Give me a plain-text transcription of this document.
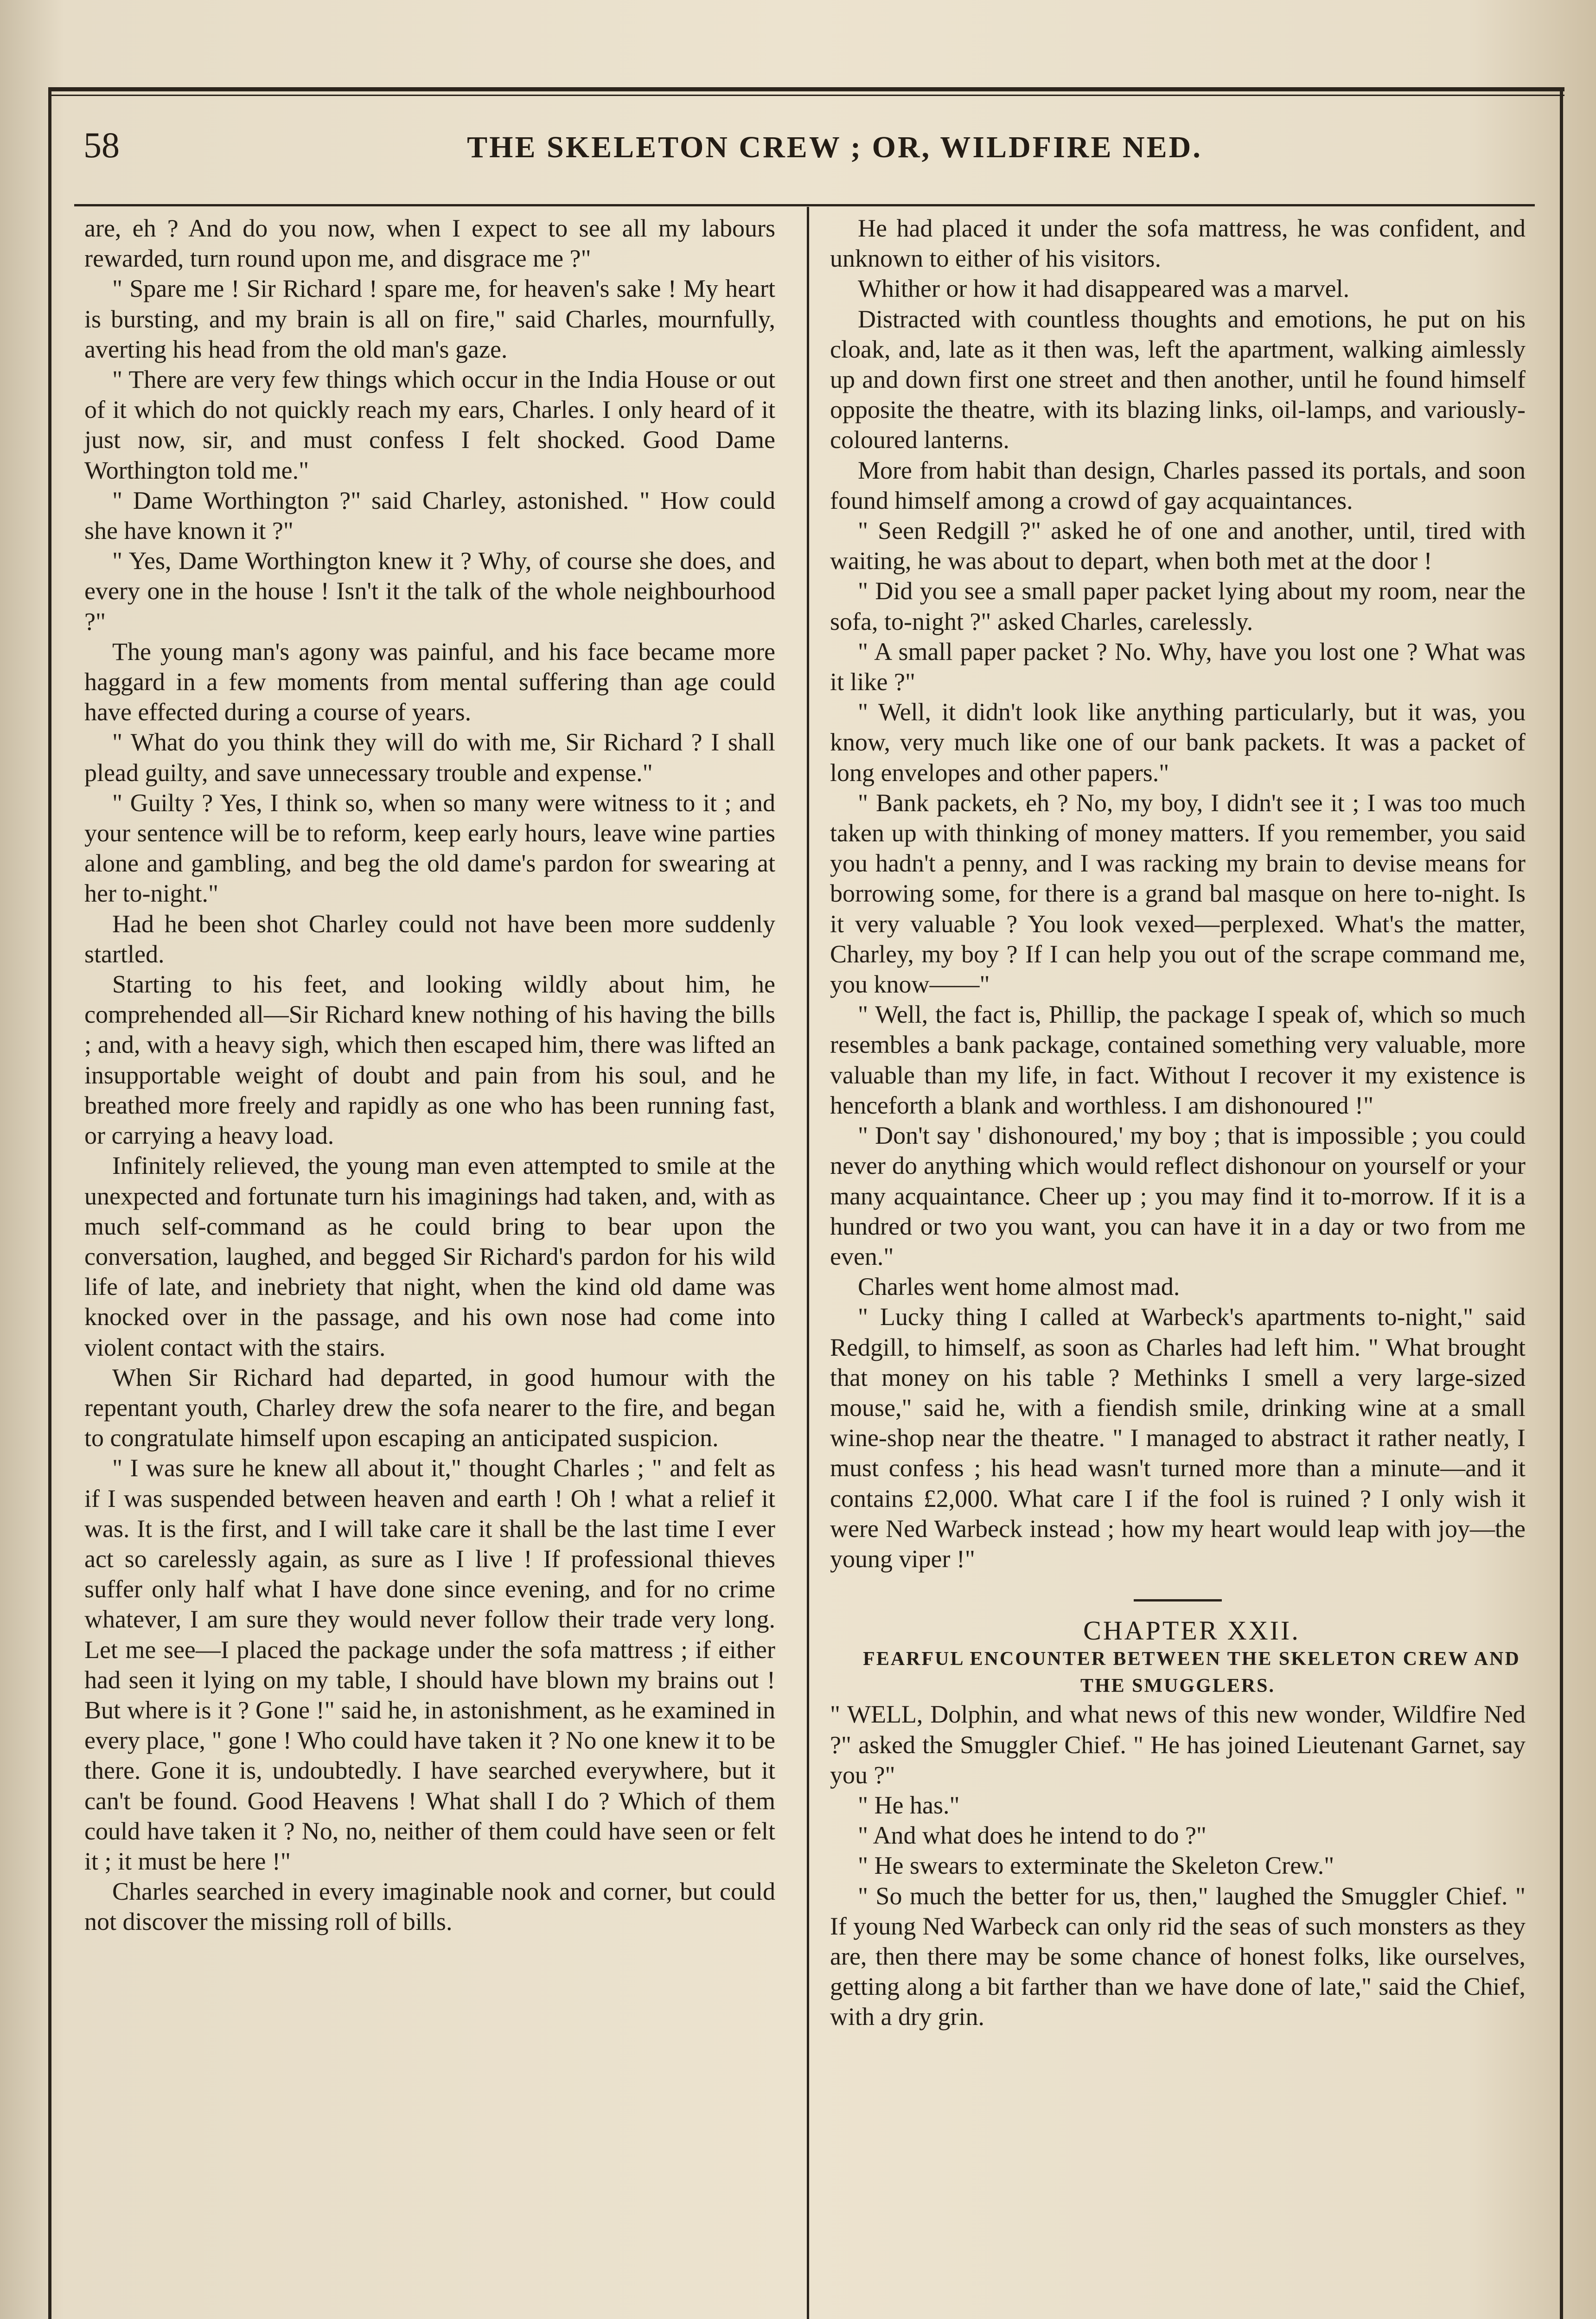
58	THE SKELETON CREW ; OR, WILDFIRE NED.

are, eh ? And do you now, when I expect to see all my labours rewarded, turn round upon me, and disgrace me ?"

" Spare me ! Sir Richard ! spare me, for heaven's sake ! My heart is bursting, and my brain is all on fire," said Charles, mournfully, averting his head from the old man's gaze.

" There are very few things which occur in the India House or out of it which do not quickly reach my ears, Charles. I only heard of it just now, sir, and must confess I felt shocked. Good Dame Worthington told me."

" Dame Worthington ?" said Charley, astonished. " How could she have known it ?"

" Yes, Dame Worthington knew it ? Why, of course she does, and every one in the house ! Isn't it the talk of the whole neighbourhood ?"

The young man's agony was painful, and his face became more haggard in a few moments from mental suffering than age could have effected during a course of years.

" What do you think they will do with me, Sir Richard ? I shall plead guilty, and save unnecessary trouble and expense."

" Guilty ? Yes, I think so, when so many were witness to it ; and your sentence will be to reform, keep early hours, leave wine parties alone and gambling, and beg the old dame's pardon for swearing at her to-night."

Had he been shot Charley could not have been more suddenly startled.

Starting to his feet, and looking wildly about him, he comprehended all—Sir Richard knew nothing of his having the bills ; and, with a heavy sigh, which then escaped him, there was lifted an insupportable weight of doubt and pain from his soul, and he breathed more freely and rapidly as one who has been running fast, or carrying a heavy load.

Infinitely relieved, the young man even attempted to smile at the unexpected and fortunate turn his imaginings had taken, and, with as much self-command as he could bring to bear upon the conversation, laughed, and begged Sir Richard's pardon for his wild life of late, and inebriety that night, when the kind old dame was knocked over in the passage, and his own nose had come into violent contact with the stairs.

When Sir Richard had departed, in good humour with the repentant youth, Charley drew the sofa nearer to the fire, and began to congratulate himself upon escaping an anticipated suspicion.

" I was sure he knew all about it," thought Charles ; " and felt as if I was suspended between heaven and earth ! Oh ! what a relief it was. It is the first, and I will take care it shall be the last time I ever act so carelessly again, as sure as I live ! If professional thieves suffer only half what I have done since evening, and for no crime whatever, I am sure they would never follow their trade very long. Let me see—I placed the package under the sofa mattress ; if either had seen it lying on my table, I should have blown my brains out ! But where is it ? Gone !" said he, in astonishment, as he examined in every place, " gone ! Who could have taken it ? No one knew it to be there. Gone it is, undoubtedly. I have searched everywhere, but it can't be found. Good Heavens ! What shall I do ? Which of them could have taken it ? No, no, neither of them could have seen or felt it ; it must be here !"

Charles searched in every imaginable nook and corner, but could not discover the missing roll of bills.

He had placed it under the sofa mattress, he was confident, and unknown to either of his visitors.

Whither or how it had disappeared was a marvel.

Distracted with countless thoughts and emotions, he put on his cloak, and, late as it then was, left the apartment, walking aimlessly up and down first one street and then another, until he found himself opposite the theatre, with its blazing links, oil-lamps, and variously-coloured lanterns.

More from habit than design, Charles passed its portals, and soon found himself among a crowd of gay acquaintances.

" Seen Redgill ?" asked he of one and another, until, tired with waiting, he was about to depart, when both met at the door !

" Did you see a small paper packet lying about my room, near the sofa, to-night ?" asked Charles, carelessly.

" A small paper packet ? No. Why, have you lost one ? What was it like ?"

" Well, it didn't look like anything particularly, but it was, you know, very much like one of our bank packets. It was a packet of long envelopes and other papers."

" Bank packets, eh ? No, my boy, I didn't see it ; I was too much taken up with thinking of money matters. If you remember, you said you hadn't a penny, and I was racking my brain to devise means for borrowing some, for there is a grand bal masque on here to-night. Is it very valuable ? You look vexed—perplexed. What's the matter, Charley, my boy ? If I can help you out of the scrape command me, you know——"

" Well, the fact is, Phillip, the package I speak of, which so much resembles a bank package, contained something very valuable, more valuable than my life, in fact. Without I recover it my existence is henceforth a blank and worthless. I am dishonoured !"

" Don't say ' dishonoured,' my boy ; that is impossible ; you could never do anything which would reflect dishonour on yourself or your many acquaintance. Cheer up ; you may find it to-morrow. If it is a hundred or two you want, you can have it in a day or two from me even."

Charles went home almost mad.

" Lucky thing I called at Warbeck's apartments to-night," said Redgill, to himself, as soon as Charles had left him. " What brought that money on his table ? Methinks I smell a very large-sized mouse," said he, with a fiendish smile, drinking wine at a small wine-shop near the theatre. " I managed to abstract it rather neatly, I must confess ; his head wasn't turned more than a minute—and it contains £2,000. What care I if the fool is ruined ? I only wish it were Ned Warbeck instead ; how my heart would leap with joy—the young viper !"

CHAPTER XXII.

FEARFUL ENCOUNTER BETWEEN THE SKELETON CREW AND THE SMUGGLERS.

" WELL, Dolphin, and what news of this new wonder, Wildfire Ned ?" asked the Smuggler Chief. " He has joined Lieutenant Garnet, say you ?"

" He has."

" And what does he intend to do ?"

" He swears to exterminate the Skeleton Crew."

" So much the better for us, then," laughed the Smuggler Chief. " If young Ned Warbeck can only rid the seas of such monsters as they are, then there may be some chance of honest folks, like ourselves, getting along a bit farther than we have done of late," said the Chief, with a dry grin.
